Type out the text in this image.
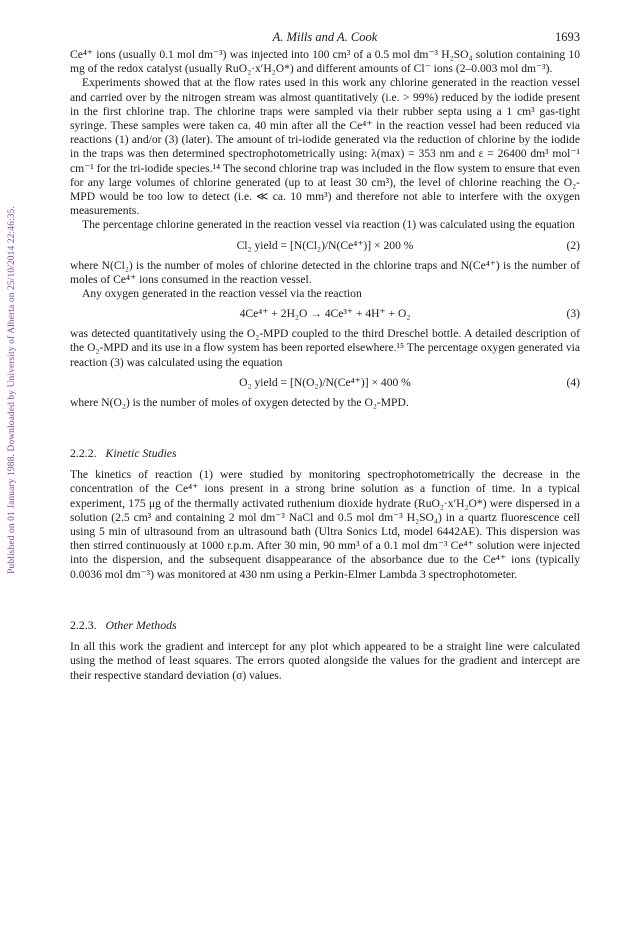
Published on 01 January 1988. Downloaded by University of Alberta on 25/10/2014 22:46:35.
A. Mills and A. Cook	1693

Ce⁴⁺ ions (usually 0.1 mol dm⁻³) was injected into 100 cm³ of a 0.5 mol dm⁻³ H₂SO₄ solution containing 10 mg of the redox catalyst (usually RuO₂·x′H₂O*) and different amounts of Cl⁻ ions (2–0.003 mol dm⁻³).

Experiments showed that at the flow rates used in this work any chlorine generated in the reaction vessel and carried over by the nitrogen stream was almost quantitatively (i.e. > 99%) reduced by the iodide present in the first chlorine trap. The chlorine traps were sampled via their rubber septa using a 1 cm³ gas-tight syringe. These samples were taken ca. 40 min after all the Ce⁴⁺ in the reaction vessel had been reduced via reactions (1) and/or (3) (later). The amount of tri-iodide generated via the reduction of chlorine by the iodide in the traps was then determined spectrophotometrically using: λ(max) = 353 nm and ε = 26400 dm³ mol⁻¹ cm⁻¹ for the tri-iodide species.¹⁴ The second chlorine trap was included in the flow system to ensure that even for any large volumes of chlorine generated (up to at least 30 cm³), the level of chlorine reaching the O₂-MPD would be too low to detect (i.e. ≪ ca. 10 mm³) and therefore not able to interfere with the oxygen measurements.

The percentage chlorine generated in the reaction vessel via reaction (1) was calculated using the equation

Cl₂ yield = [N(Cl₂)/N(Ce⁴⁺)] × 200 %	(2)

where N(Cl₂) is the number of moles of chlorine detected in the chlorine traps and N(Ce⁴⁺) is the number of moles of Ce⁴⁺ ions consumed in the reaction vessel.

Any oxygen generated in the reaction vessel via the reaction

4Ce⁴⁺ + 2H₂O → 4Ce³⁺ + 4H⁺ + O₂	(3)

was detected quantitatively using the O₂-MPD coupled to the third Dreschel bottle. A detailed description of the O₂-MPD and its use in a flow system has been reported elsewhere.¹⁵ The percentage oxygen generated via reaction (3) was calculated using the equation

O₂ yield = [N(O₂)/N(Ce⁴⁺)] × 400 %	(4)

where N(O₂) is the number of moles of oxygen detected by the O₂-MPD.

2.2.2. Kinetic Studies

The kinetics of reaction (1) were studied by monitoring spectrophotometrically the decrease in the concentration of the Ce⁴⁺ ions present in a strong brine solution as a function of time. In a typical experiment, 175 μg of the thermally activated ruthenium dioxide hydrate (RuO₂·x′H₂O*) were dispersed in a solution (2.5 cm³ and containing 2 mol dm⁻³ NaCl and 0.5 mol dm⁻³ H₂SO₄) in a quartz fluorescence cell using 5 min of ultrasound from an ultrasound bath (Ultra Sonics Ltd, model 6442AE). This dispersion was then stirred continuously at 1000 r.p.m. After 30 min, 90 mm³ of a 0.1 mol dm⁻³ Ce⁴⁺ solution were injected into the dispersion, and the subsequent disappearance of the absorbance due to the Ce⁴⁺ ions (typically 0.0036 mol dm⁻³) was monitored at 430 nm using a Perkin-Elmer Lambda 3 spectrophotometer.

2.2.3. Other Methods

In all this work the gradient and intercept for any plot which appeared to be a straight line were calculated using the method of least squares. The errors quoted alongside the values for the gradient and intercept are their respective standard deviation (σ) values.
